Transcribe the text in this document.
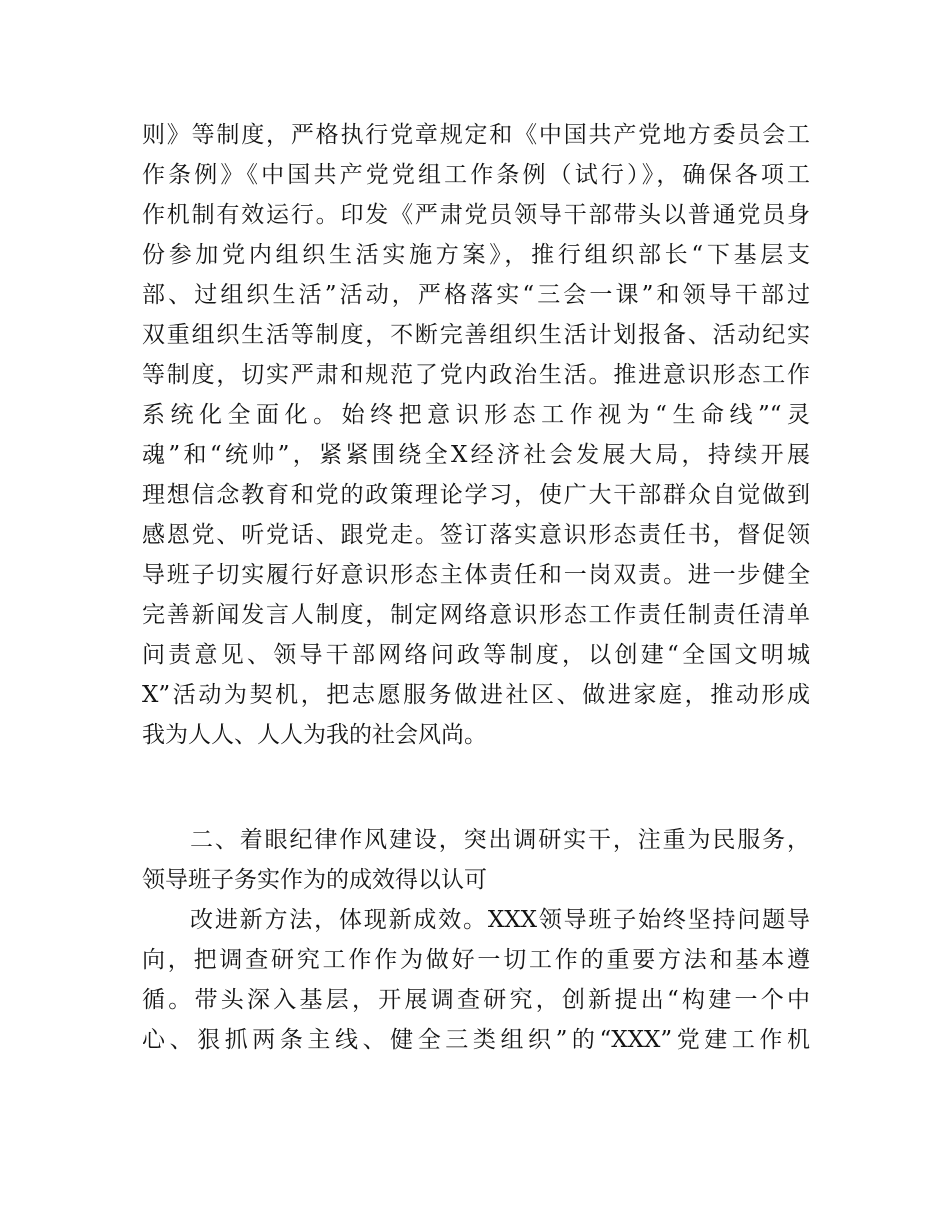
则》等制度，严格执行党章规定和《中国共产党地方委员会工
作条例》《中国共产党党组工作条例（试行）》，确保各项工
作机制有效运行。印发《严肃党员领导干部带头以普通党员身
份参加党内组织生活实施方案》，推行组织部长“下基层支
部、过组织生活”活动，严格落实“三会一课”和领导干部过
双重组织生活等制度，不断完善组织生活计划报备、活动纪实
等制度，切实严肃和规范了党内政治生活。推进意识形态工作
系统化全面化。始终把意识形态工作视为“生命线”“灵
魂”和“统帅”，紧紧围绕全X经济社会发展大局，持续开展
理想信念教育和党的政策理论学习，使广大干部群众自觉做到
感恩党、听党话、跟党走。签订落实意识形态责任书，督促领
导班子切实履行好意识形态主体责任和一岗双责。进一步健全
完善新闻发言人制度，制定网络意识形态工作责任制责任清单
问责意见、领导干部网络问政等制度，以创建“全国文明城
X”活动为契机，把志愿服务做进社区、做进家庭，推动形成
我为人人、人人为我的社会风尚。
二、着眼纪律作风建设，突出调研实干，注重为民服务，
领导班子务实作为的成效得以认可
改进新方法，体现新成效。XXX领导班子始终坚持问题导
向，把调查研究工作作为做好一切工作的重要方法和基本遵
循。带头深入基层，开展调查研究，创新提出“构建一个中
心、狠抓两条主线、健全三类组织”的“XXX”党建工作机
